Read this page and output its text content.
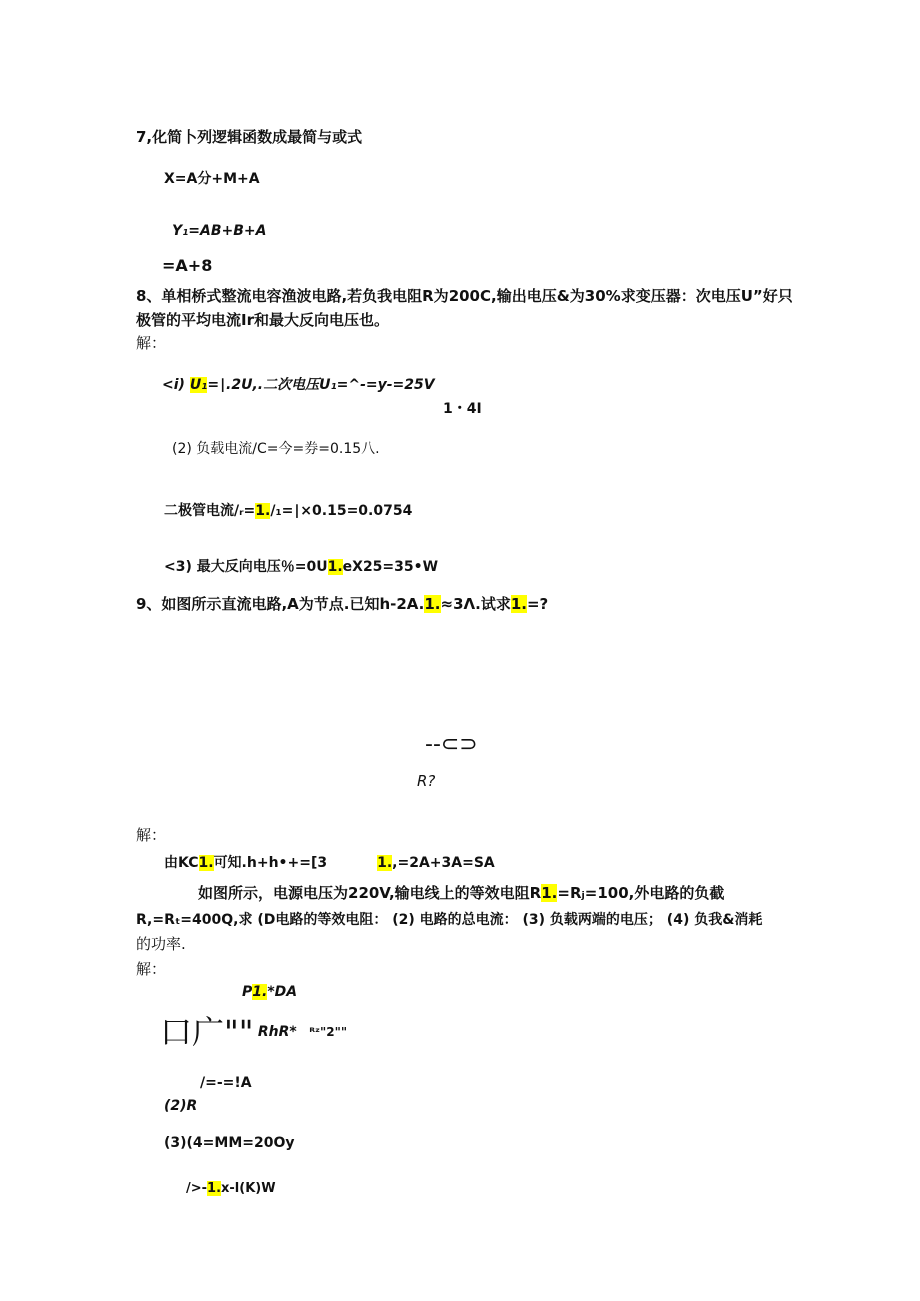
7,化简卜列逻辑函数成最简与或式
X=A分+M+A
Y₁=AB+B+A
=A+8
8、单相桥式整流电容渔波电路,若负我电阻R为200C,输出电压&为30%求变压器：次电压U”好只
极管的平均电流Ir和最大反向电压也。
解：
<i) U₁=∣.2U,.二次电压U₁=^-=y-=25V
1・4I
(2) 负载电流/C=今=券=0.15八.
二极管电流/ᵣ=1./₁=∣×0.15=0.0754
<3) 最大反向电压％=0U1.eX25=35•W
9、如图所示直流电路,A为节点.已知h-2A.1.≈3Λ.试求1.=?
--⊂⊃
R?
解：
由KC1.可知.h+h•+=[3	1.,=2A+3A=SA
如图所示，电源电压为220V,输电线上的等效电阻R1.=Rⱼ=100,外电路的负截
R,=Rₜ=400Q,求 (D电路的等效电阻： (2) 电路的总电流： (3) 负载两端的电压； (4) 负我&消耗
的功率.
解：
P1.*DA
口广"" RhR* ᴿᶻ"2""
/=-=!A
(2)R
(3)(4=MM=20Oy
/>-1.x-l(K)W
